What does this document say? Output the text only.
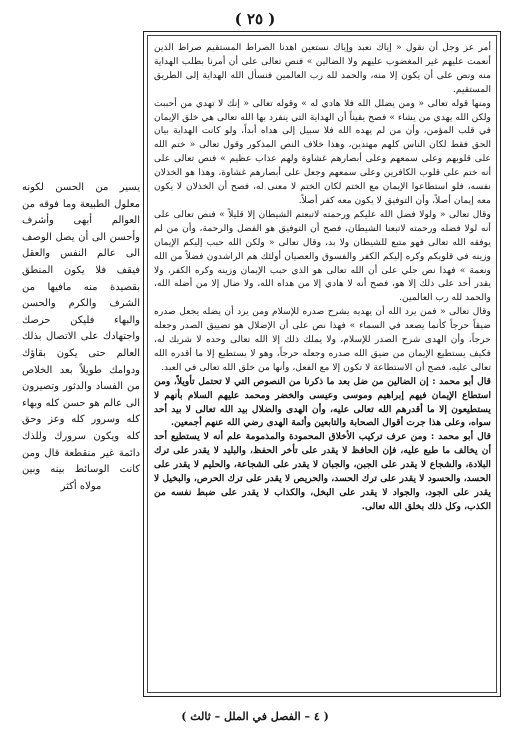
( ٢٥ )

أمر عز وجل أن نقول « إياك نعبد وإياك نستعين اهدنا الصراط المستقيم صراط الذين أنعمت عليهم غير المغضوب عليهم ولا الضالين » فنص تعالى على أن أمرنا بطلب الهداية منه ونص على أن يكون إلا منه، والحمد لله رب العالمين فنسأل الله الهداية إلى الطريق المستقيم.

ومنها قوله تعالى « ومن يضلل الله فلا هادي له » وقوله تعالى « إنك لا تهدي من أحببت ولكن الله يهدي من يشاء » فصح يقيناً أن الهداية التي ينفرد بها الله تعالى هي خلق الإيمان في قلب المؤمن، وأن من لم يهده الله فلا سبيل إلى هداه أبداً، ولو كانت الهداية بيان الحق فقط لكان الناس كلهم مهتدين، وهذا خلاف النص المذكور وقول تعالى « ختم الله على قلوبهم وعلى سمعهم وعلى أبصارهم غشاوة ولهم عذاب عظيم » فنص تعالى على أنه ختم على قلوب الكافرين وعلى سمعهم وجعل على أبصارهم غشاوة، وهذا هو الخذلان نفسه، فلو استطاعوا الإيمان مع الختم لكان الختم لا معنى له، فصح أن الخذلان لا يكون معه إيمان أصلاً، وأن التوفيق لا يكون معه كفر أصلاً.

وقال تعالى « ولولا فضل الله عليكم ورحمته لاتبعتم الشيطان إلا قليلاً » فنص تعالى على أنه لولا فضله ورحمته لاتبعنا الشيطان، فصح أن التوفيق هو الفضل والرحمة، وأن من لم يوفقه الله تعالى فهو متبع للشيطان ولا بد، وقال تعالى « ولكن الله حبب إليكم الإيمان وزينه في قلوبكم وكره إليكم الكفر والفسوق والعصيان أولئك هم الراشدون فضلاً من الله ونعمة » فهذا نص جلي على أن الله تعالى هو الذي حبب الإيمان وزينه وكره الكفر، ولا يقدر أحد على ذلك إلا هو، فصح أنه لا هادي إلا من هداه الله، ولا ضال إلا من أضله الله، والحمد لله رب العالمين.

وقال تعالى « فمن يرد الله أن يهديه يشرح صدره للإسلام ومن يرد أن يضله يجعل صدره ضيقاً حرجاً كأنما يصعد في السماء » فهذا نص على أن الإضلال هو تضييق الصدر وجعله حرجاً، وأن الهدى شرح الصدر للإسلام، ولا يملك ذلك إلا الله تعالى وحده لا شريك له، فكيف يستطيع الإيمان من ضيق الله صدره وجعله حرجاً، وهو لا يستطيع إلا ما أقدره الله تعالى عليه، فصح أن الاستطاعة لا تكون إلا مع الفعل، وأنها من خلق الله تعالى في العبد.

قال أبو محمد : إن الضالين من ضل بعد ما ذكرنا من النصوص التي لا تحتمل تأويلاً، ومن استطاع الإيمان فيهم إبراهيم وموسى وعيسى والخضر ومحمد عليهم السلام بأنهم لا يستطيعون إلا ما أقدرهم الله تعالى عليه، وأن الهدى والضلال بيد الله تعالى لا بيد أحد سواه، وعلى هذا جرت أقوال الصحابة والتابعين وأئمة الهدى رضي الله عنهم أجمعين.

قال أبو محمد : ومن عرف تركيب الأخلاق المحمودة والمذمومة علم أنه لا يستطيع أحد أن يخالف ما طبع عليه، فإن الحافظ لا يقدر على تأخر الحفظ، والبليد لا يقدر على ترك البلادة، والشجاع لا يقدر على الجبن، والجبان لا يقدر على الشجاعة، والحليم لا يقدر على الحسد، والحسود لا يقدر على ترك الحسد، والحريص لا يقدر على ترك الحرص، والبخيل لا يقدر على الجود، والجواد لا يقدر على البخل، والكذاب لا يقدر على ضبط نفسه من الكذب، وكل ذلك بخلق الله تعالى.

يسير من الحسن لكونه معلول الطبيعة وما فوقه من العوالم أبهى وأشرف وأحسن الى أن يصل الوصف الى عالم النفس والعقل فيقف فلا يكون المنطق بقصيدة منه مافيها من الشرف والكرم والحسن والبهاء فليكن حرصك واجتهادك على الاتصال بذلك العالم حتى يكون بقاؤك ودوامك طويلاً بعد الخلاص من الفساد والدثور وتصيرون الى عالم هو حسن كله وبهاء كله وسرور كله وعز وحق كله ويكون سرورك وللذك دائمة غير منقطعة قال ومن كانت الوسائط بينه وبين مولاه أكثر
( ٤ – الفصل في الملل – ثالث )
